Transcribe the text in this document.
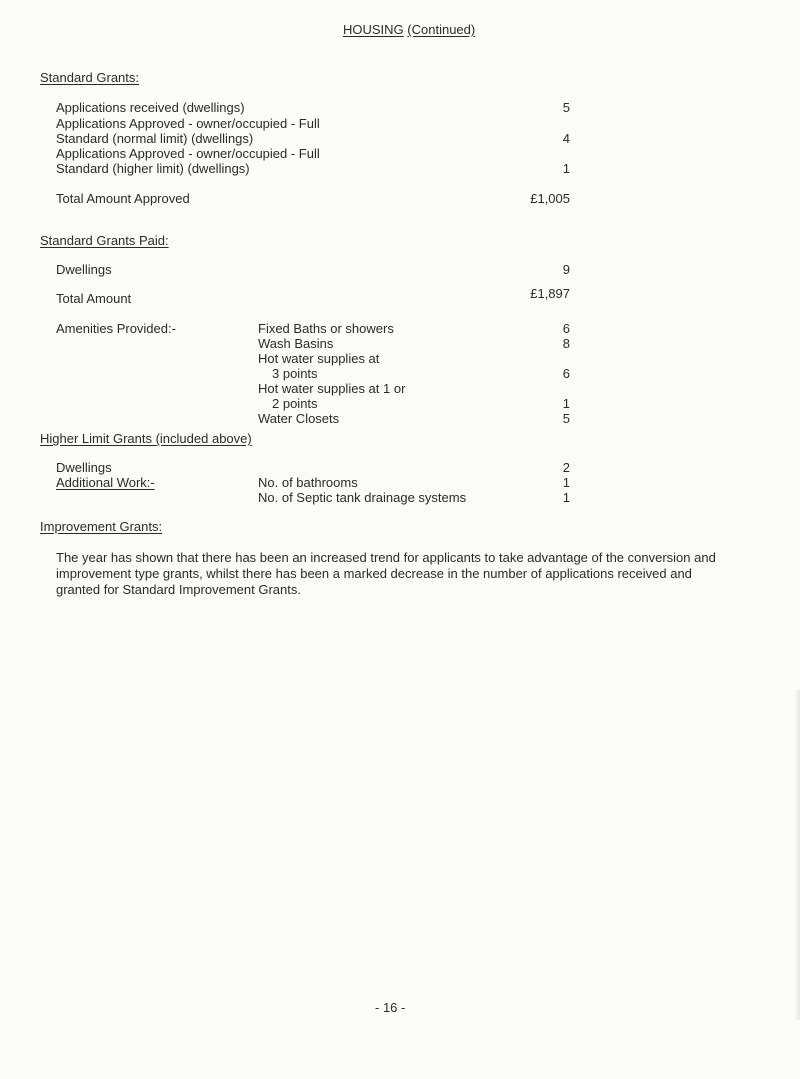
HOUSING (Continued)
Standard Grants:
Applications received (dwellings)	5
Applications Approved - owner/occupied - Full
Standard (normal limit) (dwellings)	4
Applications Approved - owner/occupied - Full
Standard (higher limit) (dwellings)	1
Total Amount Approved	£1,005
Standard Grants Paid:
Dwellings	9
Total Amount	£1,897
Amenities Provided:-	Fixed Baths or showers	6
Wash Basins	8
Hot water supplies at
3 points	6
Hot water supplies at 1 or
2 points	1
Water Closets	5
Higher Limit Grants (included above)
Dwellings	2
Additional Work:-	No. of bathrooms	1
No. of Septic tank drainage systems	1
Improvement Grants:
The year has shown that there has been an increased trend for applicants to take advantage of the conversion and improvement type grants, whilst there has been a marked decrease in the number of applications received and granted for Standard Improvement Grants.
- 16 -
